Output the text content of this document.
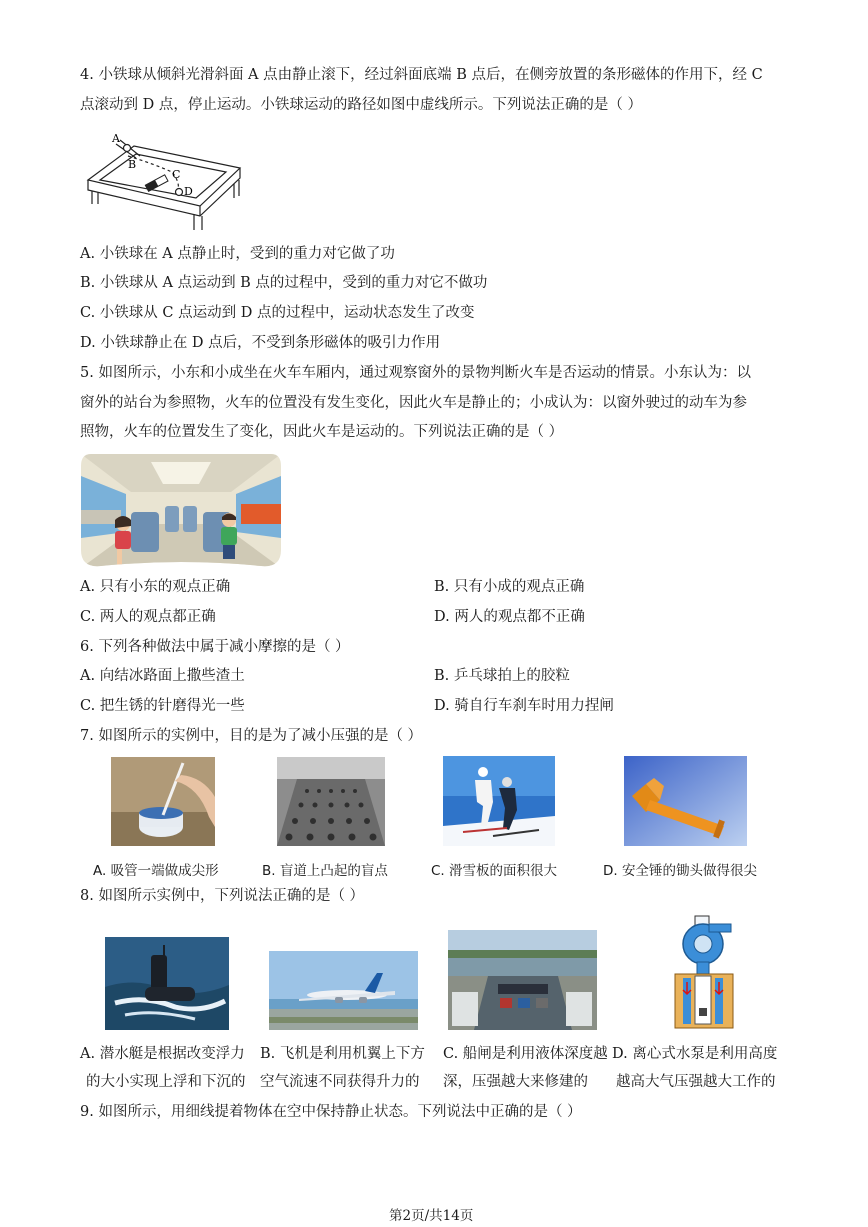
4. 小铁球从倾斜光滑斜面 A 点由静止滚下，经过斜面底端 B 点后，在侧旁放置的条形磁体的作用下，经 C
点滚动到 D 点，停止运动。小铁球运动的路径如图中虚线所示。下列说法正确的是（ ）
A
B
C
D
A. 小铁球在 A 点静止时，受到的重力对它做了功
B. 小铁球从 A 点运动到 B 点的过程中，受到的重力对它不做功
C. 小铁球从 C 点运动到 D 点的过程中，运动状态发生了改变
D. 小铁球静止在 D 点后，不受到条形磁体的吸引力作用
5. 如图所示，小东和小成坐在火车车厢内，通过观察窗外的景物判断火车是否运动的情景。小东认为：以
窗外的站台为参照物，火车的位置没有发生变化，因此火车是静止的；小成认为：以窗外驶过的动车为参
照物，火车的位置发生了变化，因此火车是运动的。下列说法正确的是（ ）
A. 只有小东的观点正确	B. 只有小成的观点正确
C. 两人的观点都正确	D. 两人的观点都不正确
6. 下列各种做法中属于减小摩擦的是（ ）
A. 向结冰路面上撒些渣土	B. 乒乓球拍上的胶粒
C. 把生锈的针磨得光一些	D. 骑自行车刹车时用力捏闸
7. 如图所示的实例中，目的是为了减小压强的是（ ）
A. 吸管一端做成尖形	B. 盲道上凸起的盲点	C. 滑雪板的面积很大	D. 安全锤的锄头做得很尖
8. 如图所示实例中，下列说法正确的是（ ）
A. 潜水艇是根据改变浮力
的大小实现上浮和下沉的
B. 飞机是利用机翼上下方
空气流速不同获得升力的
C. 船闸是利用液体深度越
深，压强越大来修建的
D. 离心式水泵是利用高度
越高大气压强越大工作的
9. 如图所示，用细线提着物体在空中保持静止状态。下列说法中正确的是（ ）
第2页/共14页
